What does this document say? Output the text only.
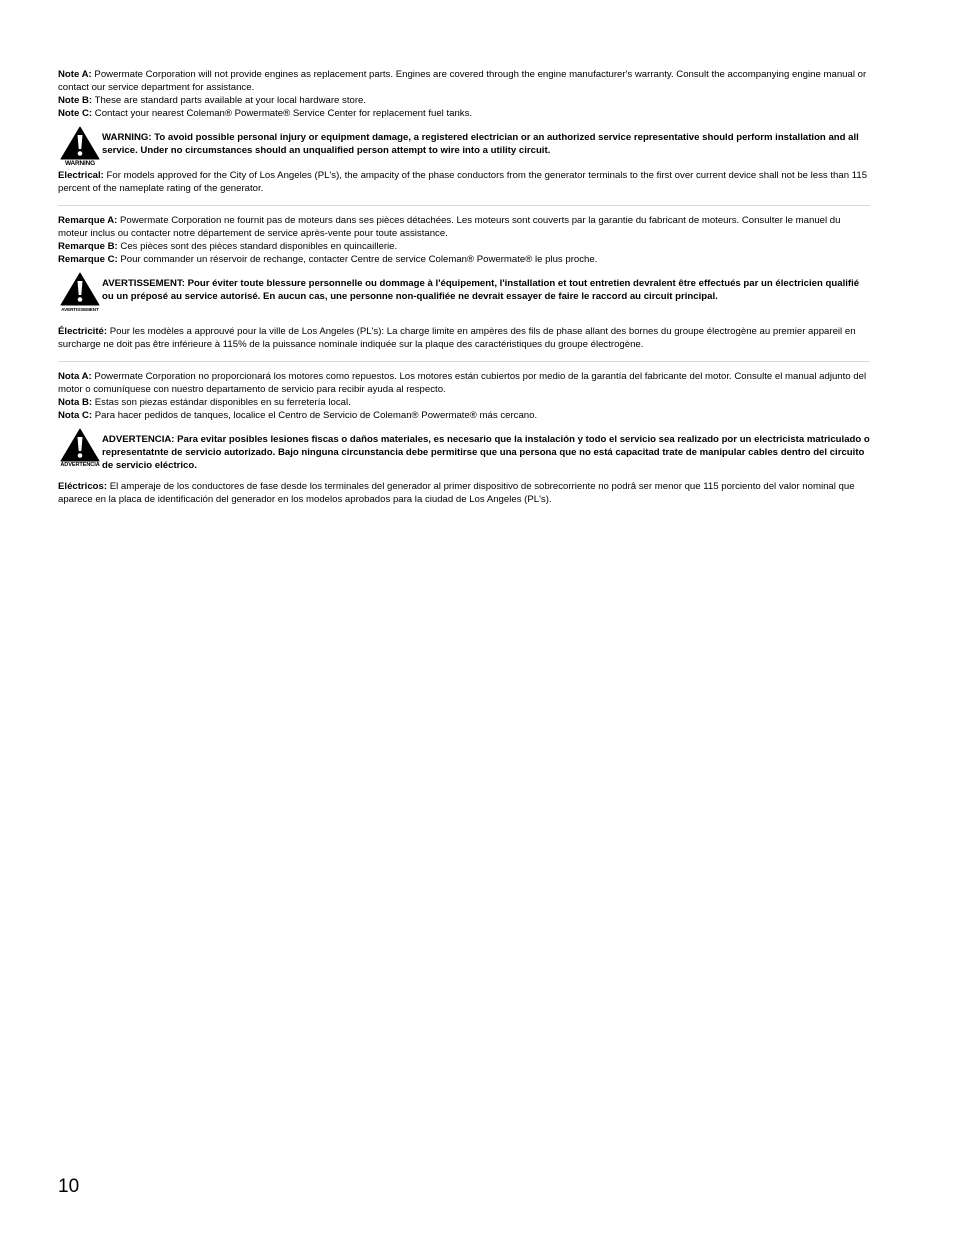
Note A: Powermate Corporation will not provide engines as replacement parts. Engines are covered through the engine manufacturer's warranty. Consult the accompanying engine manual or contact our service department for assistance.

Note B: These are standard parts available at your local hardware store.

Note C: Contact your nearest Coleman® Powermate® Service Center for replacement fuel tanks.

WARNING
WARNING: To avoid possible personal injury or equipment damage, a registered electrician or an authorized service representative should perform installation and all service. Under no circumstances should an unqualified person attempt to wire into a utility circuit.

Electrical: For models approved for the City of Los Angeles (PL's), the ampacity of the phase conductors from the generator terminals to the first over current device shall not be less than 115 percent of the nameplate rating of the generator.

Remarque A: Powermate Corporation ne fournit pas de moteurs dans ses pièces détachées. Les moteurs sont couverts par la garantie du fabricant de moteurs. Consulter le manuel du moteur inclus ou contacter notre département de service après-vente pour toute assistance.

Remarque B: Ces pièces sont des pièces standard disponibles en quincaillerie.

Remarque C: Pour commander un réservoir de rechange, contacter Centre de service Coleman® Powermate® le plus proche.

AVERTISSEMENT
AVERTISSEMENT: Pour éviter toute blessure personnelle ou dommage à l'équipement, l'installation et tout entretien devralent être effectués par un électricien qualifié ou un préposé au service autorisé. En aucun cas, une personne non-qualifiée ne devrait essayer de faire le raccord au circuit principal.

Électricité: Pour les modèles a approuvé pour la ville de Los Angeles (PL's): La charge limite en ampères des fils de phase allant des bornes du groupe électrogène au premier appareil en surcharge ne doit pas être inférieure à 115% de la puissance nominale indiquée sur la plaque des caractéristiques du groupe électrogène.

Nota A: Powermate Corporation no proporcionará los motores como repuestos. Los motores están cubiertos por medio de la garantía del fabricante del motor. Consulte el manual adjunto del motor o comuníquese con nuestro departamento de servicio para recibir ayuda al respecto.

Nota B: Estas son piezas estándar disponibles en su ferretería local.

Nota C: Para hacer pedidos de tanques, localice el Centro de Servicio de Coleman® Powermate® más cercano.

ADVERTENCIA
ADVERTENCIA: Para evitar posibles lesiones fiscas o daños materiales, es necesario que la instalación y todo el servicio sea realizado por un electricista matriculado o representatnte de servicio autorizado. Bajo ninguna circunstancia debe permitirse que una persona que no está capacitad trate de manipular cables dentro del circuito de servicio eléctrico.

Eléctricos: El amperaje de los conductores de fase desde los terminales del generador al primer dispositivo de sobrecorriente no podrâ ser menor que 115 porciento del valor nominal que aparece en la placa de identificación del generador en los modelos aprobados para la ciudad de Los Angeles (PL's).

10
